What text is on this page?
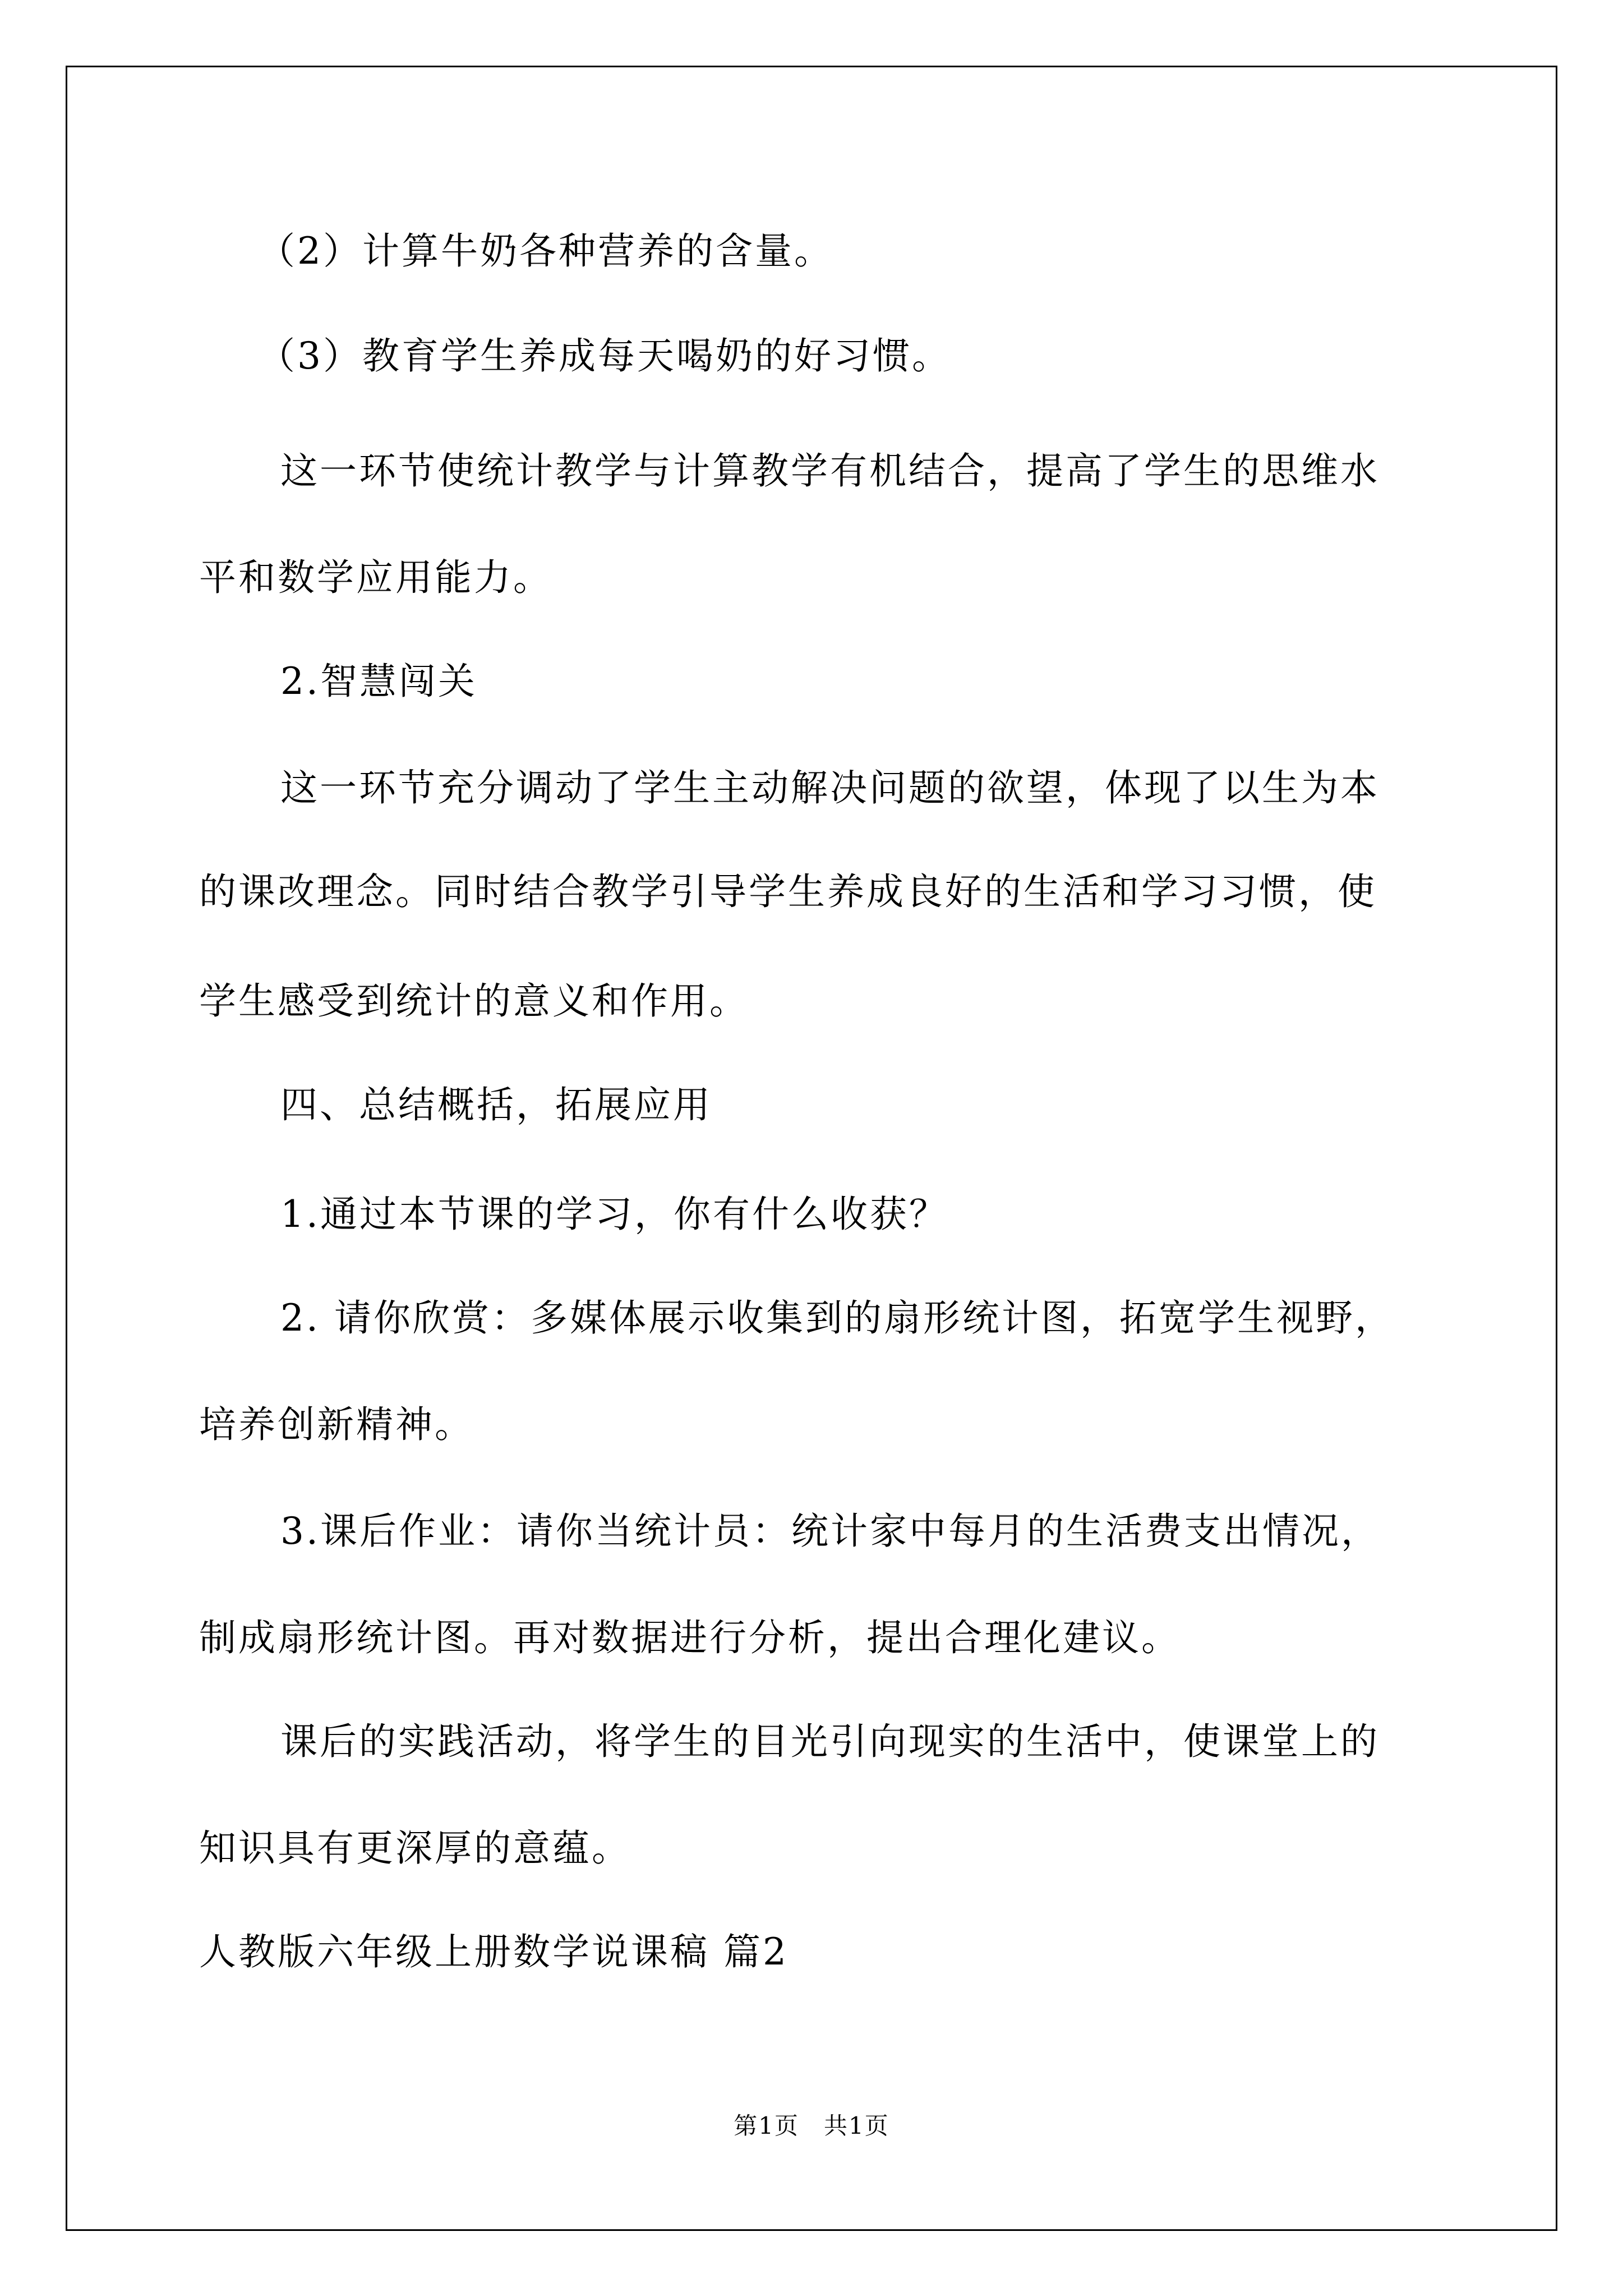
（2）计算牛奶各种营养的含量。

（3）教育学生养成每天喝奶的好习惯。

这一环节使统计教学与计算教学有机结合，提高了学生的思维水

平和数学应用能力。

2.智慧闯关

这一环节充分调动了学生主动解决问题的欲望，体现了以生为本

的课改理念。同时结合教学引导学生养成良好的生活和学习习惯，使

学生感受到统计的意义和作用。

四、总结概括，拓展应用

1.通过本节课的学习，你有什么收获？

2. 请你欣赏：多媒体展示收集到的扇形统计图，拓宽学生视野，

培养创新精神。

3.课后作业：请你当统计员：统计家中每月的生活费支出情况，

制成扇形统计图。再对数据进行分析，提出合理化建议。

课后的实践活动，将学生的目光引向现实的生活中，使课堂上的

知识具有更深厚的意蕴。

人教版六年级上册数学说课稿 篇2

第1页　共1页
